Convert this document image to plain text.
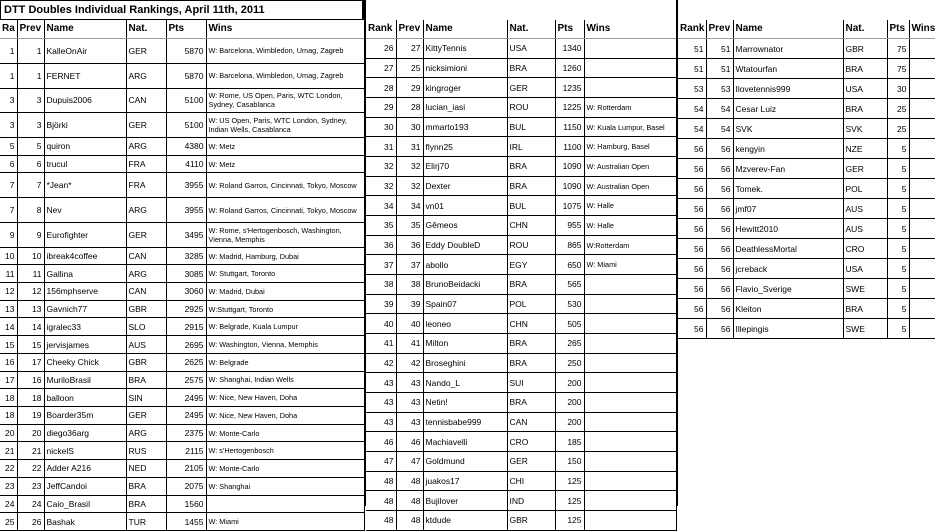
DTT Doubles Individual Rankings, April 11th, 2011
Ra	Prev	Name	Nat.	Pts	Wins
1	1	KalleOnAir	GER	5870	W: Barcelona, Wimbledon, Umag, Zagreb
1	1	FERNET	ARG	5870	W: Barcelona, Wimbledon, Umag, Zagreb
3	3	Dupuis2006	CAN	5100	W: Rome, US Open, Paris, WTC London, Sydney, Casablanca
3	3	Björki	GER	5100	W: US Open, Paris, WTC London, Sydney, Indian Wells, Casablanca
5	5	quiron	ARG	4380	W: Metz
6	6	trucul	FRA	4110	W: Metz
7	7	*Jean*	FRA	3955	W: Roland Garros, Cincinnati, Tokyo, Moscow
7	8	Nev	ARG	3955	W: Roland Garros, Cincinnati, Tokyo, Moscow
9	9	Eurofighter	GER	3495	W: Rome, s'Hertogenbosch, Washington, Vienna, Memphis
10	10	ibreak4coffee	CAN	3285	W: Madrid, Hamburg, Dubai
11	11	Gallina	ARG	3085	W: Stuttgart, Toronto
12	12	156mphserve	CAN	3060	W: Madrid, Dubai
13	13	Gavnich77	GBR	2925	W:Stuttgart, Toronto
14	14	igralec33	SLO	2915	W: Belgrade, Kuala Lumpur
15	15	jervisjames	AUS	2695	W: Washington, Vienna, Memphis
16	17	Cheeky Chick	GBR	2625	W: Belgrade
17	16	MuriloBrasil	BRA	2575	W: Shanghai, Indian Wells
18	18	balloon	SIN	2495	W: Nice, New Haven, Doha
18	19	Boarder35m	GER	2495	W: Nice, New Haven, Doha
20	20	diego36arg	ARG	2375	W: Monte-Carlo
21	21	nickelS	RUS	2115	W: s'Hertogenbosch
22	22	Adder A216	NED	2105	W: Monte-Carlo
23	23	JeffCandoi	BRA	2075	W: Shanghai
24	24	Caio_Brasil	BRA	1560	
25	26	Bashak	TUR	1455	W: Miami
Rank	Prev	Name	Nat.	Pts	Wins
26	27	KittyTennis	USA	1340	
27	25	nicksimioni	BRA	1260	
28	29	kingroger	GER	1235	
29	28	lucian_iasi	ROU	1225	W: Rotterdam
30	30	mmarto193	BUL	1150	W: Kuala Lumpur, Basel
31	31	flynn25	IRL	1100	W: Hamburg, Basel
32	32	Elirj70	BRA	1090	W: Australian Open
32	32	Dexter	BRA	1090	W: Australian Open
34	34	vn01	BUL	1075	W: Halle
35	35	Gêmeos	CHN	955	W: Halle
36	36	Eddy DoubleD	ROU	865	W:Rotterdam
37	37	abollo	EGY	650	W: Miami
38	38	BrunoBeidacki	BRA	565	
39	39	Spain07	POL	530	
40	40	leoneo	CHN	505	
41	41	Milton	BRA	265	
42	42	Broseghini	BRA	250	
43	43	Nando_L	SUI	200	
43	43	Netin!	BRA	200	
43	43	tennisbabe999	CAN	200	
46	46	Machiavelli	CRO	185	
47	47	Goldmund	GER	150	
48	48	juakos17	CHI	125	
48	48	Bujilover	IND	125	
48	48	ktdude	GBR	125	
Rank	Prev	Name	Nat.	Pts	Wins
51	51	Marrownator	GBR	75	
51	51	Wtatourfan	BRA	75	
53	53	Ilovetennis999	USA	30	
54	54	Cesar Luiz	BRA	25	
54	54	SVK	SVK	25	
56	56	kengyin	NZE	5	
56	56	Mzverev-Fan	GER	5	
56	56	Tomek.	POL	5	
56	56	jmf07	AUS	5	
56	56	Hewitt2010	AUS	5	
56	56	DeathlessMortal	CRO	5	
56	56	jcreback	USA	5	
56	56	Flavio_Sverige	SWE	5	
56	56	Kleiton	BRA	5	
56	56	Illepingis	SWE	5	
